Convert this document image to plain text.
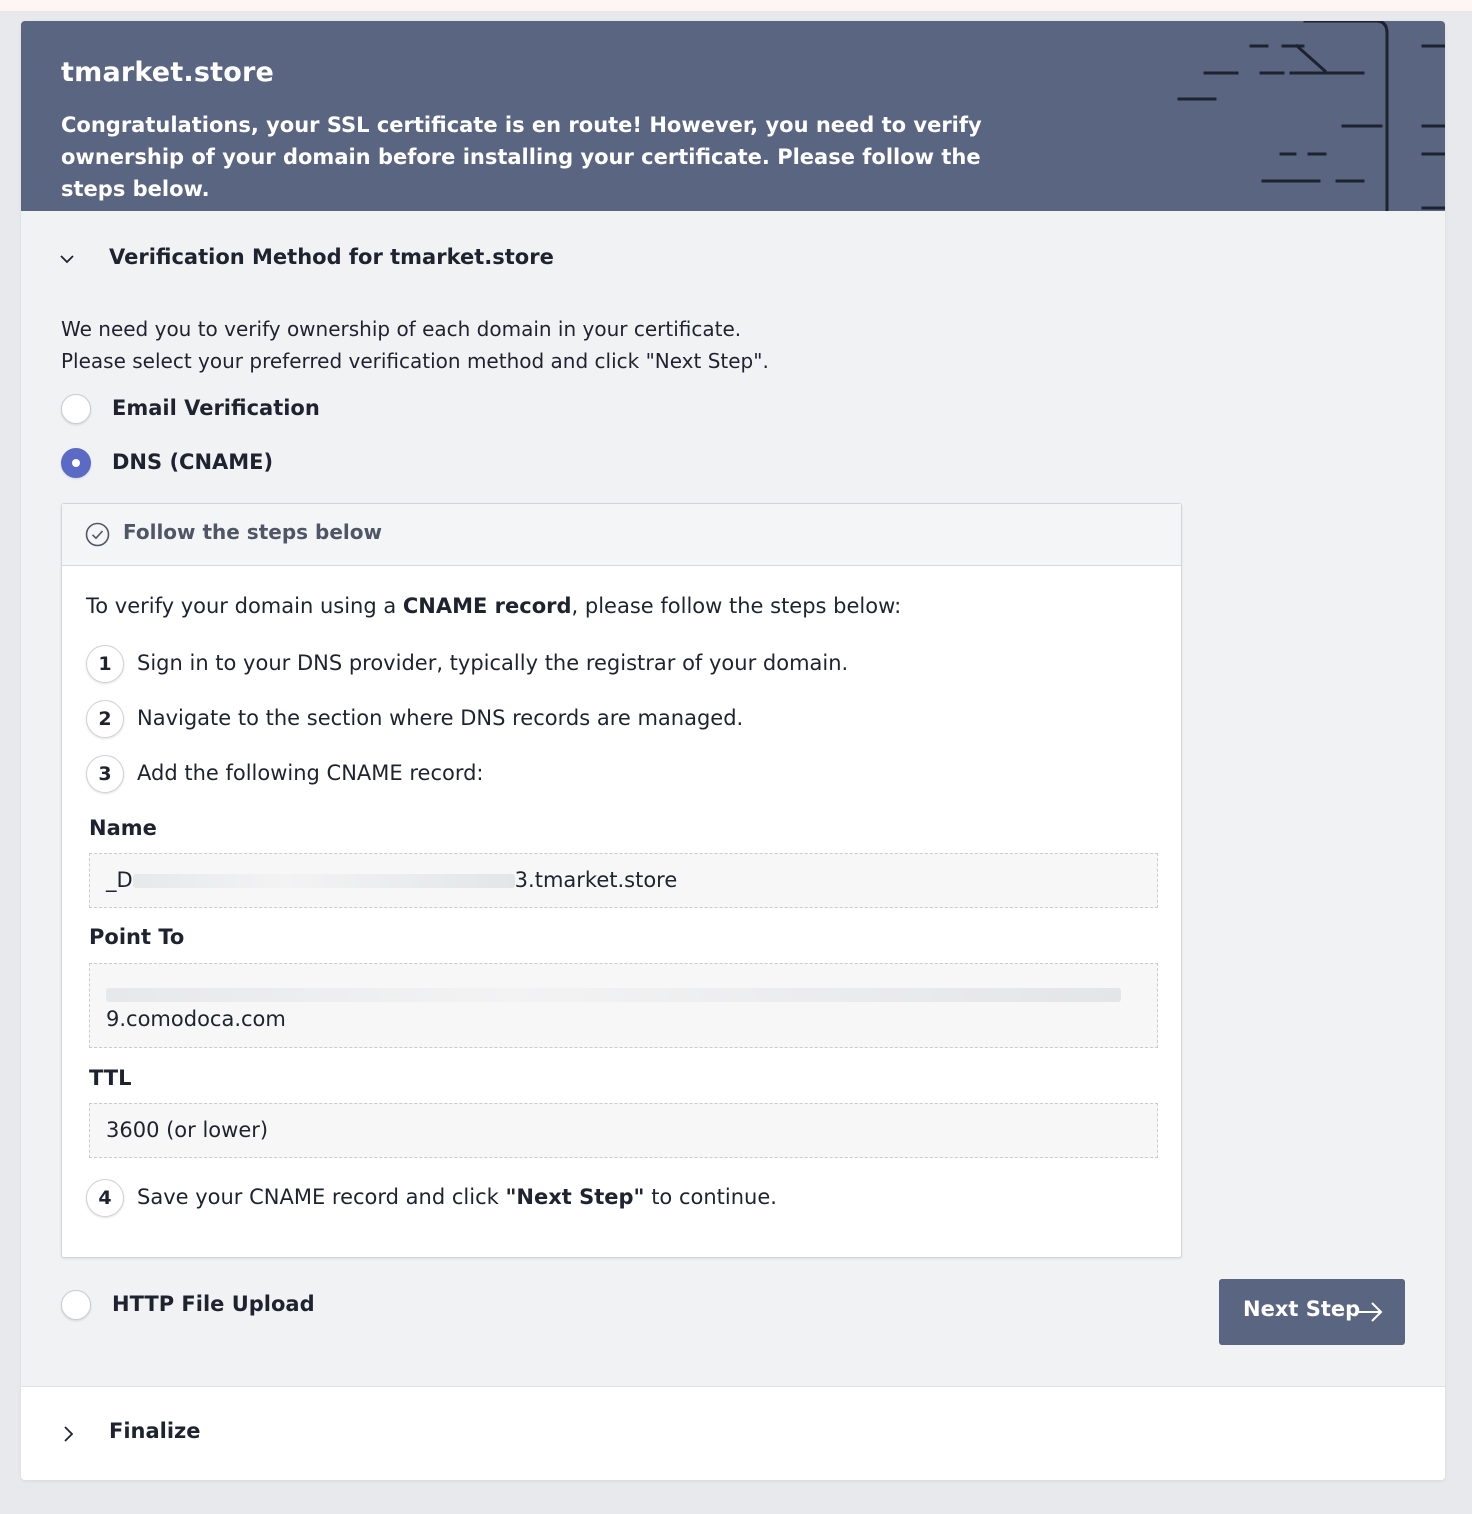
tmarket.store
Congratulations, your SSL certificate is en route! However, you need to verify ownership of your domain before installing your certificate. Please follow the steps below.
Verification Method for tmarket.store
We need you to verify ownership of each domain in your certificate.
Please select your preferred verification method and click "Next Step".
Email Verification
DNS (CNAME)
Follow the steps below
To verify your domain using a CNAME record, please follow the steps below:
1	Sign in to your DNS provider, typically the registrar of your domain.
2	Navigate to the section where DNS records are managed.
3	Add the following CNAME record:
Name
_D	3.tmarket.store
Point To
9.comodoca.com
TTL
3600 (or lower)
4	Save your CNAME record and click "Next Step" to continue.
HTTP File Upload	Next Step
Finalize
